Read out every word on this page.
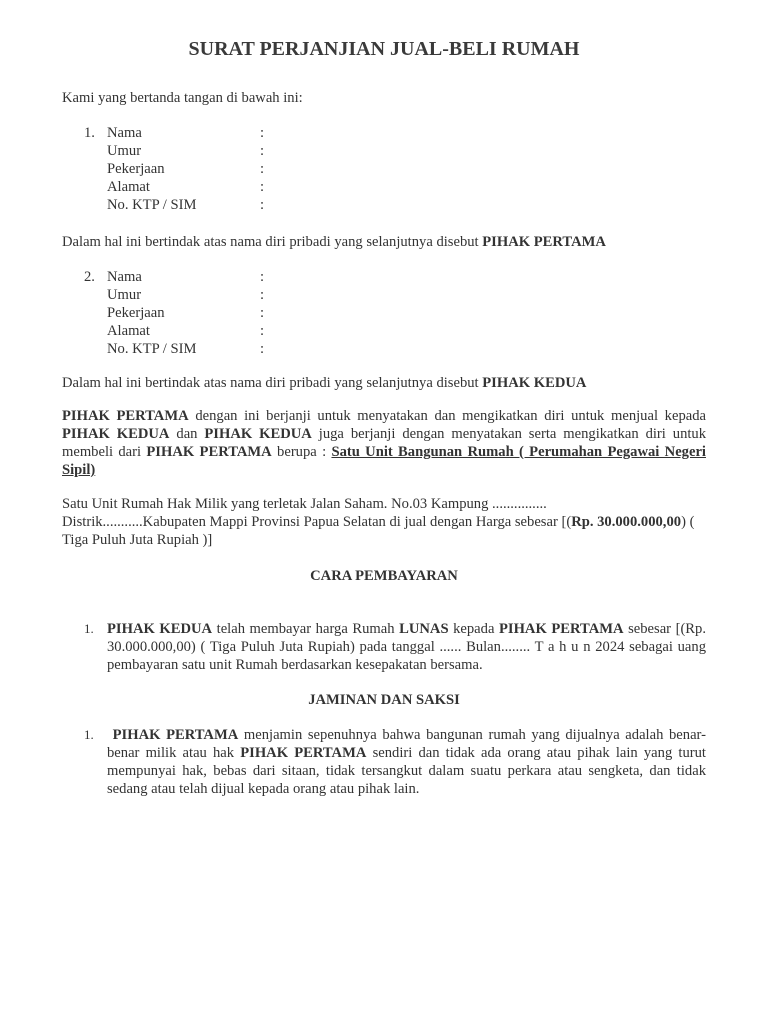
SURAT PERJANJIAN JUAL-BELI RUMAH
Kami yang bertanda tangan di bawah ini:
1. Nama	:
Umur	:
Pekerjaan	:
Alamat	:
No. KTP / SIM	:
Dalam hal ini bertindak atas nama diri pribadi yang selanjutnya disebut PIHAK PERTAMA
2. Nama	:
Umur	:
Pekerjaan	:
Alamat	:
No. KTP / SIM	:
Dalam hal ini bertindak atas nama diri pribadi yang selanjutnya disebut PIHAK KEDUA
PIHAK PERTAMA dengan ini berjanji untuk menyatakan dan mengikatkan diri untuk menjual kepada PIHAK KEDUA dan PIHAK KEDUA juga berjanji dengan menyatakan serta mengikatkan diri untuk membeli dari PIHAK PERTAMA berupa : Satu Unit Bangunan Rumah ( Perumahan Pegawai Negeri Sipil)
Satu Unit Rumah Hak Milik yang terletak Jalan Saham. No.03 Kampung ...............
Distrik...........Kabupaten Mappi Provinsi Papua Selatan di jual dengan Harga sebesar [(Rp. 30.000.000,00) ( Tiga Puluh Juta Rupiah )]
CARA PEMBAYARAN
1. PIHAK KEDUA telah membayar harga Rumah LUNAS kepada PIHAK PERTAMA sebesar [(Rp. 30.000.000,00) ( Tiga Puluh Juta Rupiah) pada tanggal ...... Bulan........ T a h u n 2024 sebagai uang pembayaran satu unit Rumah berdasarkan kesepakatan bersama.
JAMINAN DAN SAKSI
1.	PIHAK PERTAMA menjamin sepenuhnya bahwa bangunan rumah yang dijualnya adalah benar-benar milik atau hak PIHAK PERTAMA sendiri dan tidak ada orang atau pihak lain yang turut mempunyai hak, bebas dari sitaan, tidak tersangkut dalam suatu perkara atau sengketa, dan tidak sedang atau telah dijual kepada orang atau pihak lain.
